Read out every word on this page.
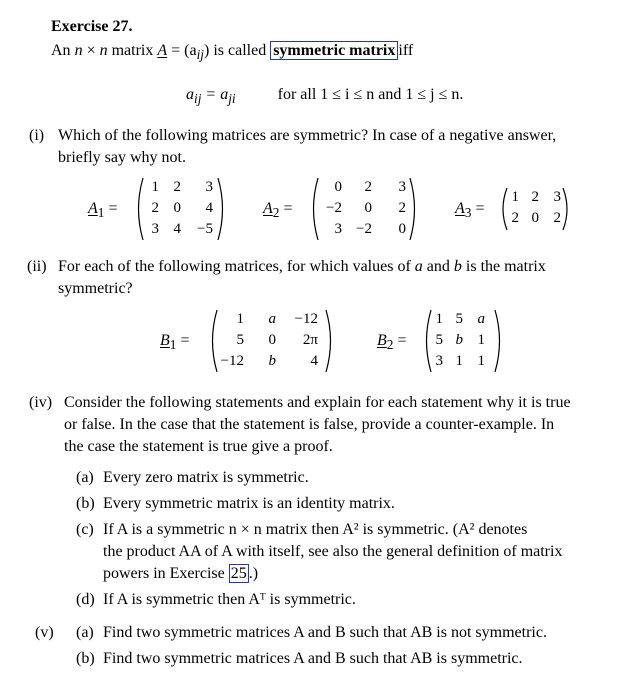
Exercise 27.
An n × n matrix $A = (a_{ij})$ is called symmetric matrix iff
$a_{ij} = a_{ji}$	for all 1 ≤ i ≤ n and 1 ≤ j ≤ n.
(i) Which of the following matrices are symmetric? In case of a negative answer,
briefly say why not.
$A_1$ =
1 2	3
2 0	4
3 4	−5
$A_2$ =
0	2	3
−2	0	2
3 −2	0
$A_3$ =
1 2 3
2 0 2
(ii) For each of the following matrices, for which values of a and b is the matrix
symmetric?
$B_1$ =
1	a	−12
5	0	2π
−12	b	4
$B_2$ =
1 5 a
5 b 1
3 1 1
(iv) Consider the following statements and explain for each statement why it is true
or false. In the case that the statement is false, provide a counter-example. In
the case the statement is true give a proof.
(a) Every zero matrix is symmetric.
(b) Every symmetric matrix is an identity matrix.
(c) If A is a symmetric n × n matrix then A² is symmetric. (A² denotes
the product AA of A with itself, see also the general definition of matrix
powers in Exercise 25 .)
(d) If A is symmetric then Aᵀ is symmetric.
(v) (a) Find two symmetric matrices A and B such that AB is not symmetric.
(b) Find two symmetric matrices A and B such that AB is symmetric.
